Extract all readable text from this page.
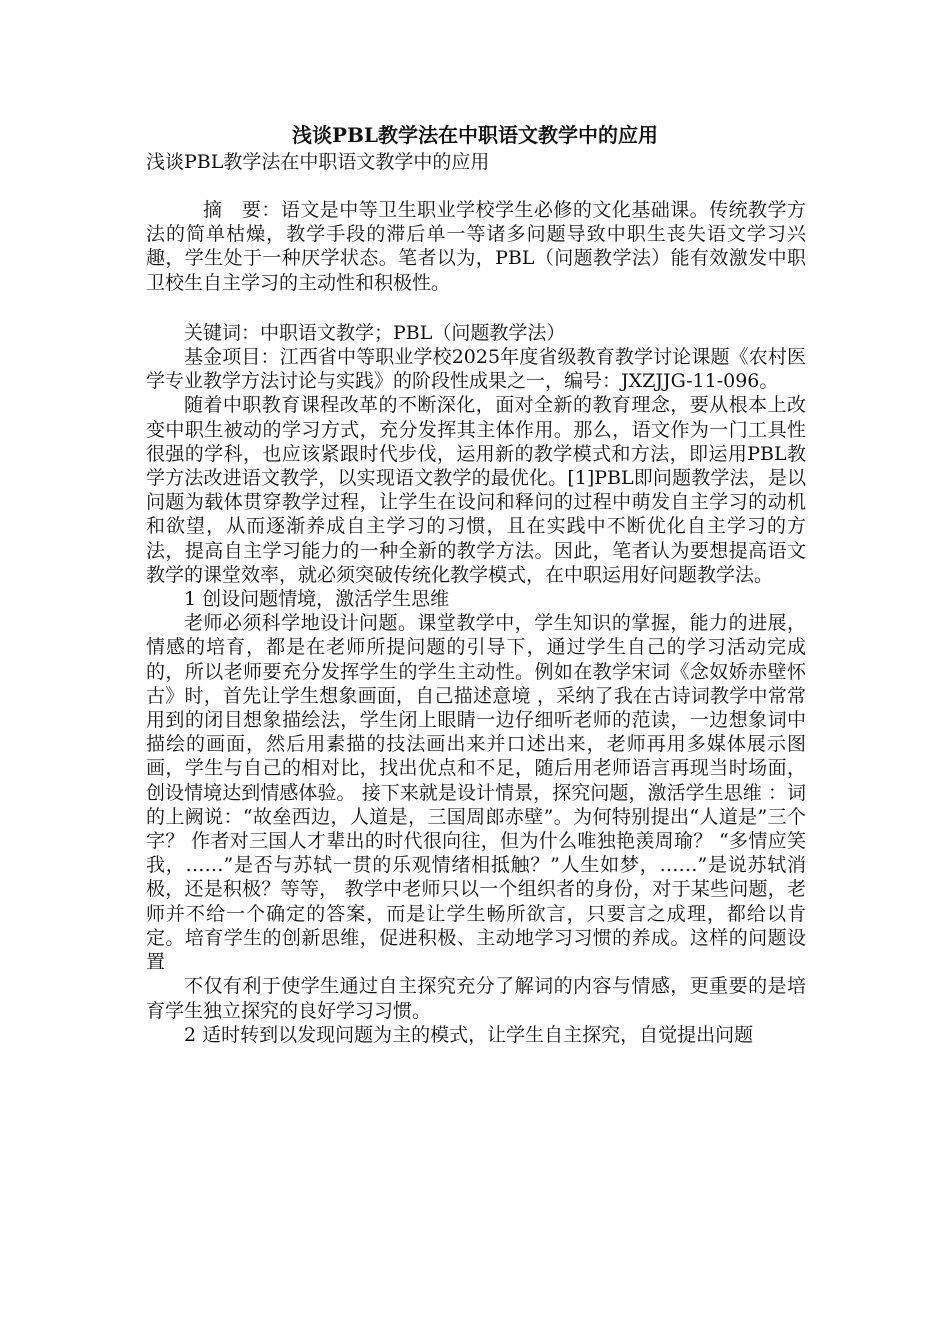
浅谈PBL教学法在中职语文教学中的应用
浅谈PBL教学法在中职语文教学中的应用

摘　要：语文是中等卫生职业学校学生必修的文化基础课。传统教学方法的简单枯燥，教学手段的滞后单一等诸多问题导致中职生丧失语文学习兴趣，学生处于一种厌学状态。笔者以为，PBL（问题教学法）能有效激发中职卫校生自主学习的主动性和积极性。

关键词：中职语文教学；PBL（问题教学法）

基金项目：江西省中等职业学校2025年度省级教育教学讨论课题《农村医学专业教学方法讨论与实践》的阶段性成果之一，编号：JXZJJG-11-096。

随着中职教育课程改革的不断深化，面对全新的教育理念，要从根本上改变中职生被动的学习方式，充分发挥其主体作用。那么，语文作为一门工具性很强的学科，也应该紧跟时代步伐，运用新的教学模式和方法，即运用PBL教学方法改进语文教学，以实现语文教学的最优化。[1]PBL即问题教学法，是以问题为载体贯穿教学过程，让学生在设问和释问的过程中萌发自主学习的动机和欲望，从而逐渐养成自主学习的习惯，且在实践中不断优化自主学习的方法，提高自主学习能力的一种全新的教学方法。因此，笔者认为要想提高语文教学的课堂效率，就必须突破传统化教学模式，在中职运用好问题教学法。

1 创设问题情境，激活学生思维

老师必须科学地设计问题。课堂教学中，学生知识的掌握，能力的进展，情感的培育，都是在老师所提问题的引导下，通过学生自己的学习活动完成的，所以老师要充分发挥学生的学生主动性。例如在教学宋词《念奴娇赤壁怀古》时，首先让学生想象画面，自己描述意境 ，采纳了我在古诗词教学中常常用到的闭目想象描绘法，学生闭上眼睛一边仔细听老师的范读，一边想象词中描绘的画面，然后用素描的技法画出来并口述出来，老师再用多媒体展示图画，学生与自己的相对比，找出优点和不足，随后用老师语言再现当时场面，创设情境达到情感体验。 接下来就是设计情景，探究问题，激活学生思维 ：词的上阙说：“故垒西边，人道是，三国周郎赤壁”。为何特别提出“人道是”三个字？ 作者对三国人才辈出的时代很向往，但为什么唯独艳羡周瑜？ “多情应笑我，……”是否与苏轼一贯的乐观情绪相抵触？”人生如梦，……”是说苏轼消极，还是积极？等等， 教学中老师只以一个组织者的身份，对于某些问题，老师并不给一个确定的答案，而是让学生畅所欲言，只要言之成理，都给以肯定。培育学生的创新思维，促进积极、主动地学习习惯的养成。这样的问题设置

不仅有利于使学生通过自主探究充分了解词的内容与情感，更重要的是培育学生独立探究的良好学习习惯。

2 适时转到以发现问题为主的模式，让学生自主探究，自觉提出问题
